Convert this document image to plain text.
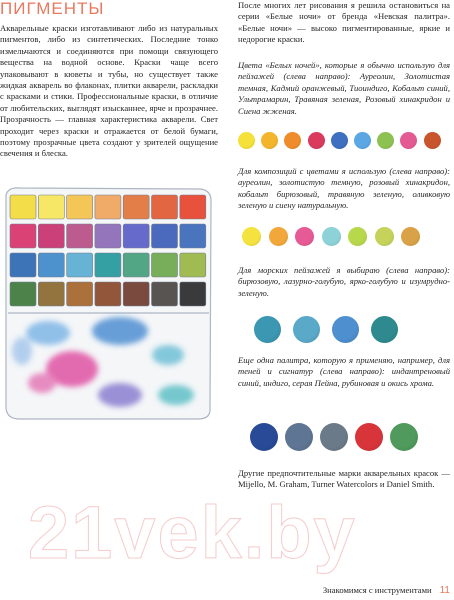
ПИГМЕНТЫ

Акварельные краски изготавливают либо из натуральных пигментов, либо из синтетических. Последние тонко измельчаются и соединяются при помощи связующего вещества на водной основе. Краски чаще всего упаковывают в кюветы и тубы, но существует также жидкая акварель во флаконах, плитки акварели, раскладки с красками и стики. Профессиональные краски, в отличие от любительских, выглядят изысканнее, ярче и прозрачнее. Прозрачность — главная характеристика акварели. Свет проходит через краски и отражается от белой бумаги, поэтому прозрачные цвета создают у зрителей ощущение свечения и блеска.

После многих лет рисования я решила остановиться на серии «Белые ночи» от бренда «Невская палитра». «Белые ночи» — высоко пигментированные, яркие и недорогие краски.

Цвета «Белых ночей», которые я обычно использую для пейзажей (слева направо): Ауреолин, Золотистая темная, Кадмий оранжевый, Тиоиндиго, Кобальт синий, Ультрамарин, Травяная зеленая, Розовый хинакридон и Сиена жженая.

Для композиций с цветами я использую (слева направо): ауреолин, золотистую темную, розовый хинакридон, кобальт бирюзовый, травяную зеленую, оливковую зеленую и сиену натуральную.

Для морских пейзажей я выбираю (слева направо): бирюзовую, лазурно-голубую, ярко-голубую и изумрудно-зеленую.

Еще одна палитра, которую я применяю, например, для теней и сигнатур (слева направо): индантреновый синий, индиго, серая Пейна, рубиновая и окись хрома.

Другие предпочтительные марки акварельных красок — Mijello, M. Graham, Turner Watercolors и Daniel Smith.

21vek.by
Знакомимся с инструментами 11
